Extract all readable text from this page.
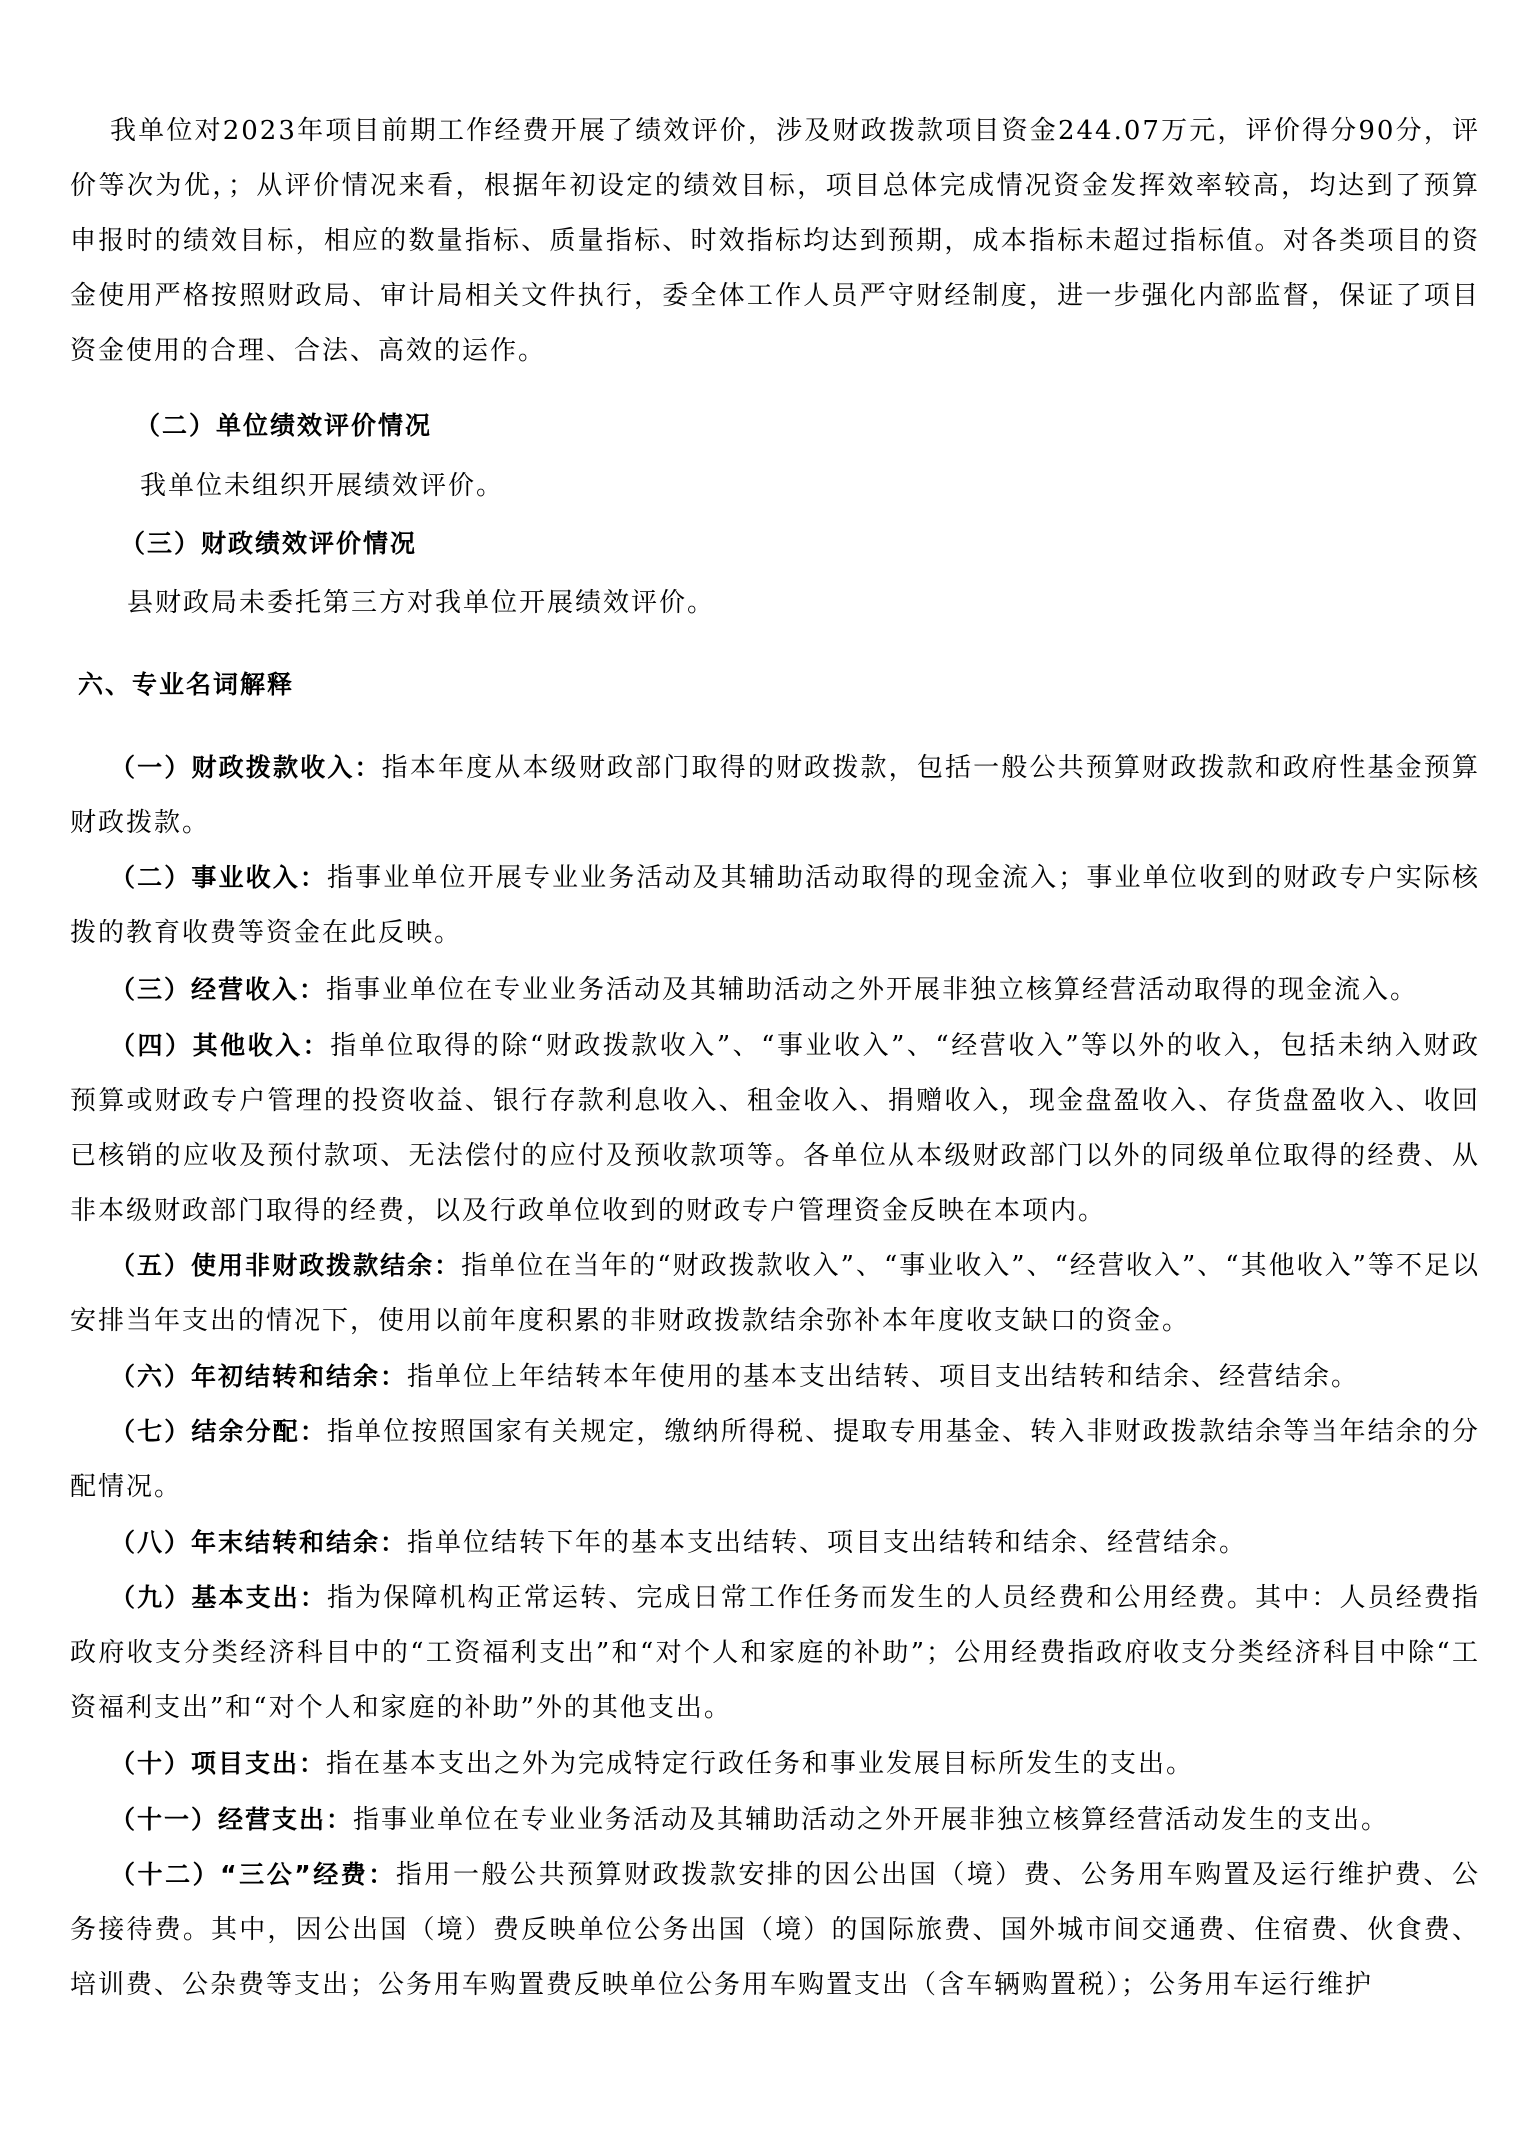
我单位对2023年项目前期工作经费开展了绩效评价，涉及财政拨款项目资金244.07万元，评价得分90分，评价等次为优，；从评价情况来看，根据年初设定的绩效目标，项目总体完成情况资金发挥效率较高，均达到了预算申报时的绩效目标，相应的数量指标、质量指标、时效指标均达到预期，成本指标未超过指标值。对各类项目的资金使用严格按照财政局、审计局相关文件执行，委全体工作人员严守财经制度，进一步强化内部监督，保证了项目资金使用的合理、合法、高效的运作。

（二）单位绩效评价情况

我单位未组织开展绩效评价。

（三）财政绩效评价情况

县财政局未委托第三方对我单位开展绩效评价。

六、专业名词解释

（一）财政拨款收入：指本年度从本级财政部门取得的财政拨款，包括一般公共预算财政拨款和政府性基金预算财政拨款。

（二）事业收入：指事业单位开展专业业务活动及其辅助活动取得的现金流入；事业单位收到的财政专户实际核拨的教育收费等资金在此反映。

（三）经营收入：指事业单位在专业业务活动及其辅助活动之外开展非独立核算经营活动取得的现金流入。

（四）其他收入：指单位取得的除“财政拨款收入”、“事业收入”、“经营收入”等以外的收入，包括未纳入财政预算或财政专户管理的投资收益、银行存款利息收入、租金收入、捐赠收入，现金盘盈收入、存货盘盈收入、收回已核销的应收及预付款项、无法偿付的应付及预收款项等。各单位从本级财政部门以外的同级单位取得的经费、从非本级财政部门取得的经费，以及行政单位收到的财政专户管理资金反映在本项内。

（五）使用非财政拨款结余：指单位在当年的“财政拨款收入”、“事业收入”、“经营收入”、“其他收入”等不足以安排当年支出的情况下，使用以前年度积累的非财政拨款结余弥补本年度收支缺口的资金。

（六）年初结转和结余：指单位上年结转本年使用的基本支出结转、项目支出结转和结余、经营结余。

（七）结余分配：指单位按照国家有关规定，缴纳所得税、提取专用基金、转入非财政拨款结余等当年结余的分配情况。

（八）年末结转和结余：指单位结转下年的基本支出结转、项目支出结转和结余、经营结余。

（九）基本支出：指为保障机构正常运转、完成日常工作任务而发生的人员经费和公用经费。其中：人员经费指政府收支分类经济科目中的“工资福利支出”和“对个人和家庭的补助”；公用经费指政府收支分类经济科目中除“工资福利支出”和“对个人和家庭的补助”外的其他支出。

（十）项目支出：指在基本支出之外为完成特定行政任务和事业发展目标所发生的支出。

（十一）经营支出：指事业单位在专业业务活动及其辅助活动之外开展非独立核算经营活动发生的支出。

（十二）“三公”经费：指用一般公共预算财政拨款安排的因公出国（境）费、公务用车购置及运行维护费、公务接待费。其中，因公出国（境）费反映单位公务出国（境）的国际旅费、国外城市间交通费、住宿费、伙食费、培训费、公杂费等支出；公务用车购置费反映单位公务用车购置支出（含车辆购置税）；公务用车运行维护
